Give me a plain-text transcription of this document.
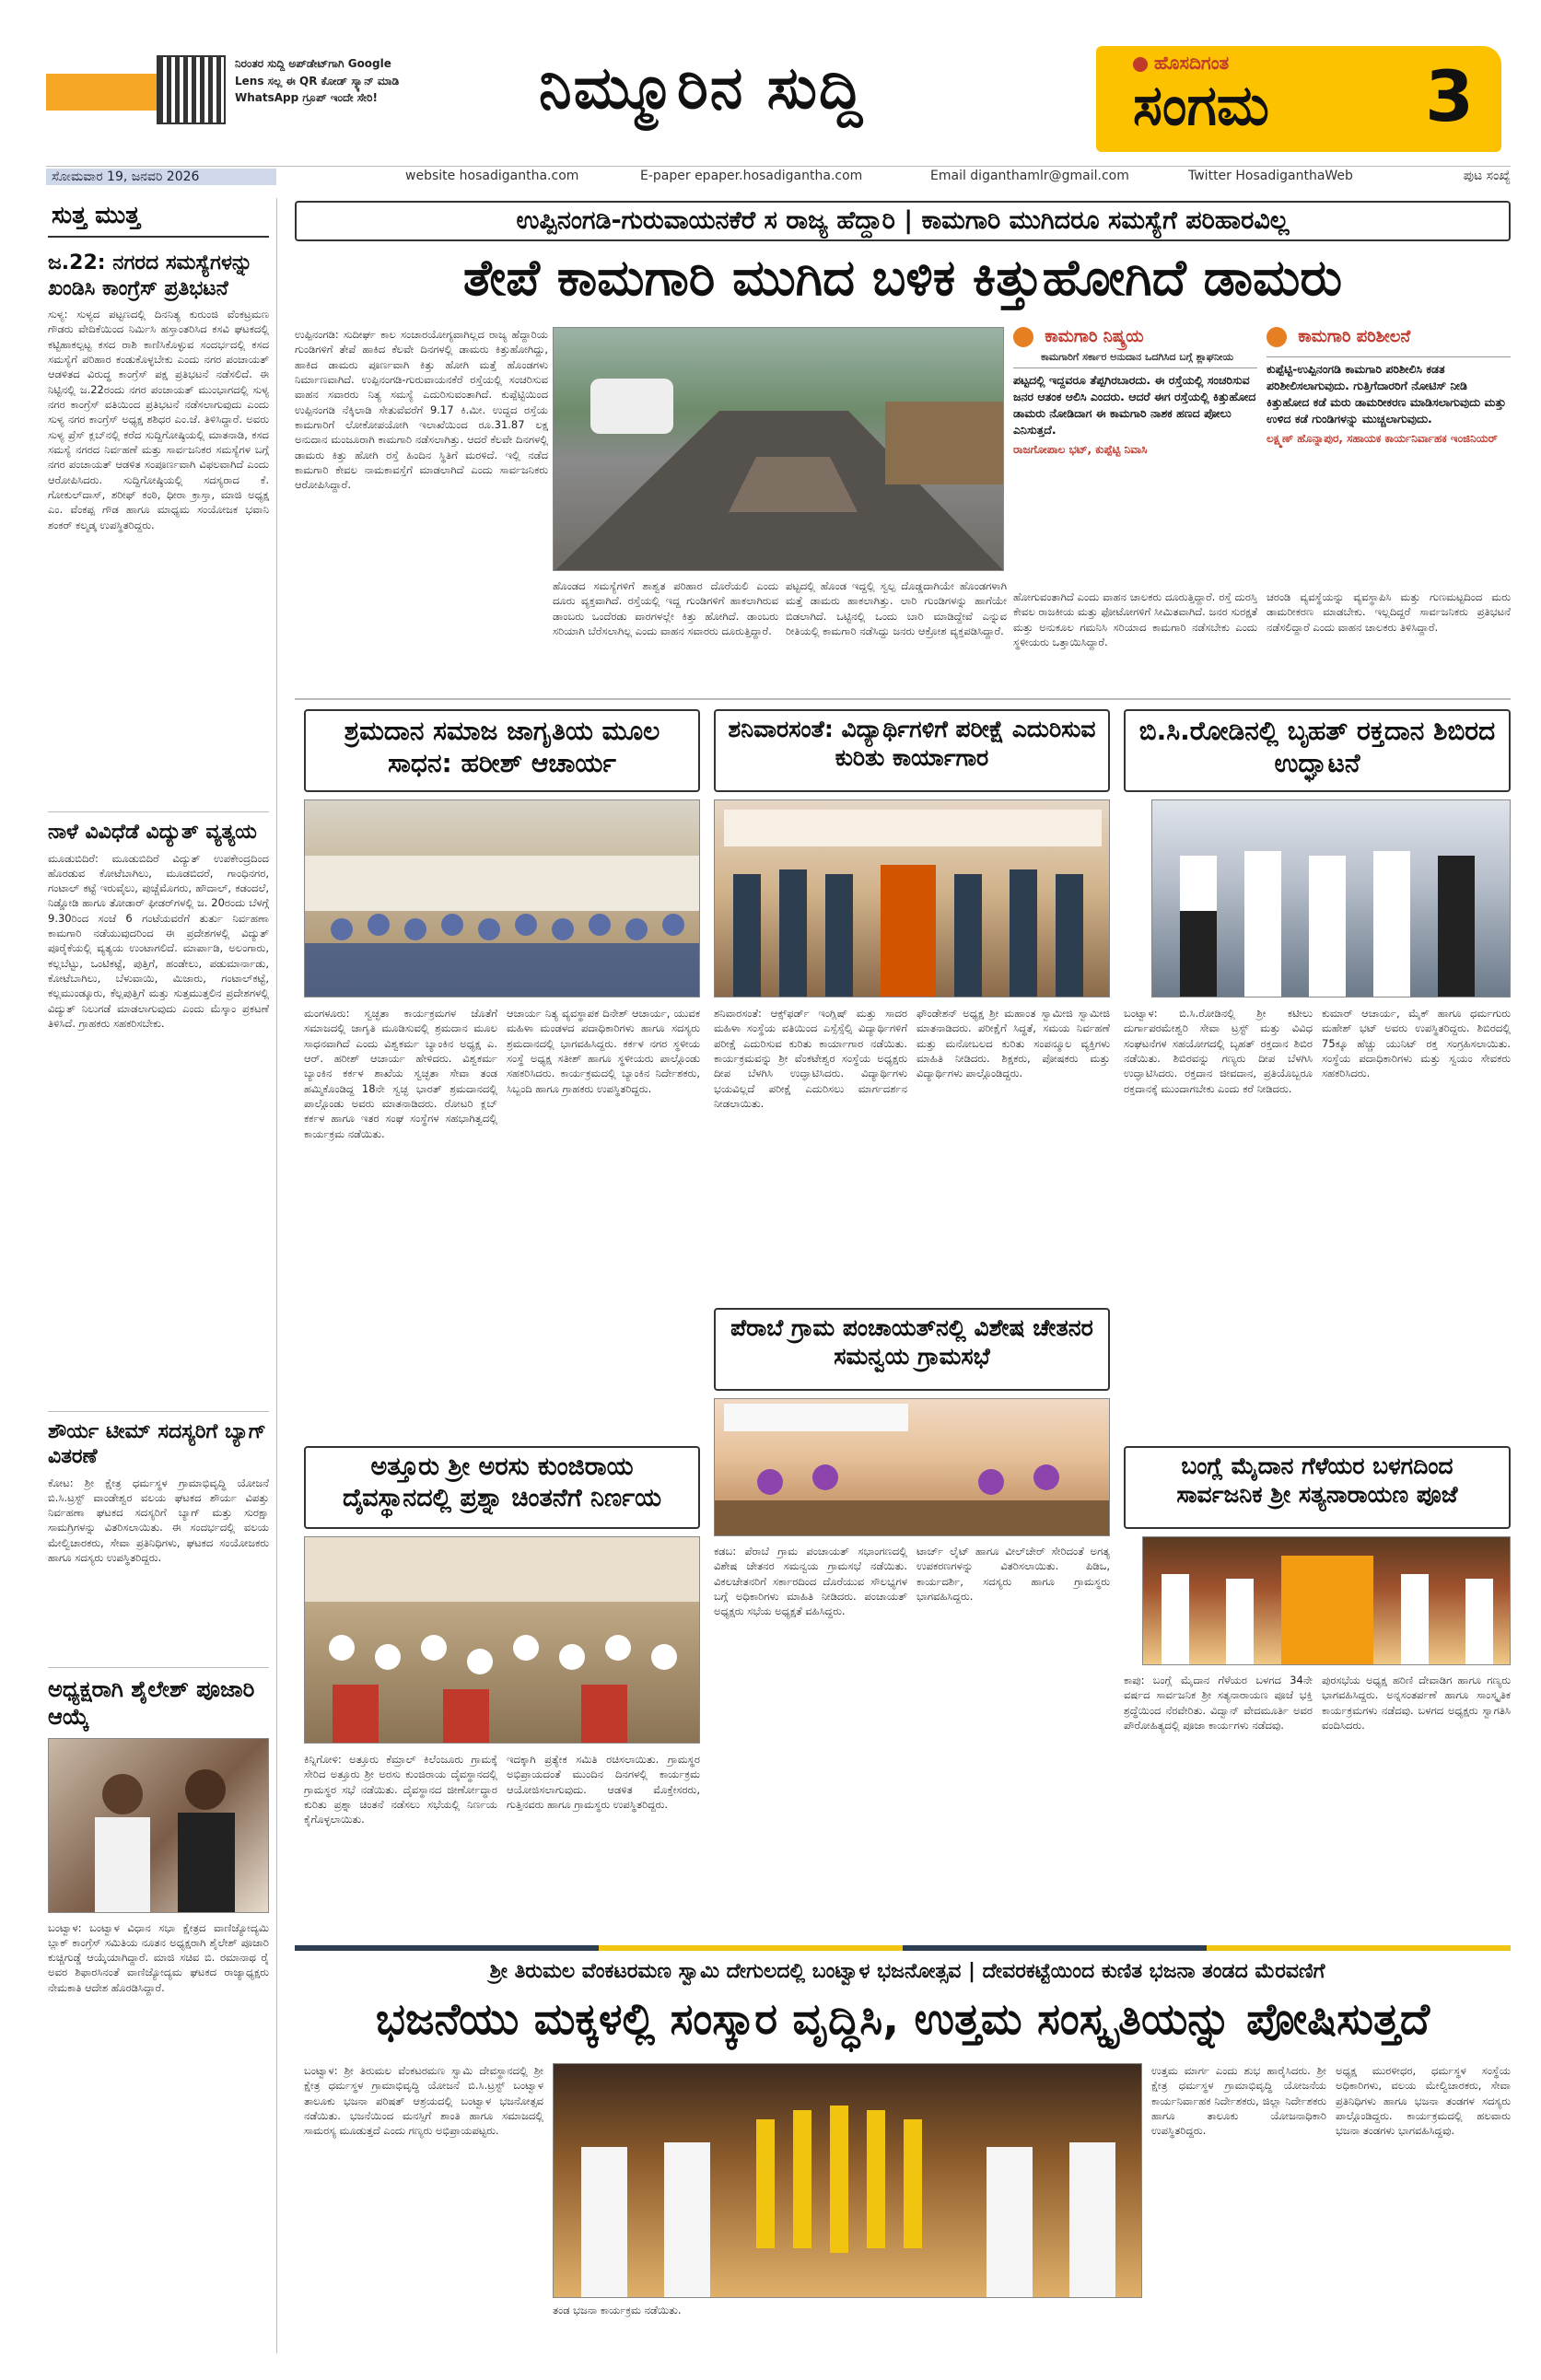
ನಿರಂತರ ಸುದ್ದಿ ಅಪ್‌ಡೇಟ್‌ಗಾಗಿ Google Lens ಸಲ್ಲ ಈ QR ಕೋಡ್ ಸ್ಕ್ಯಾನ್ ಮಾಡಿ WhatsApp ಗ್ರೂಪ್ ಇಂದೇ ಸೇರಿ!	ನಿಮ್ಮೂರಿನ ಸುದ್ದಿ	ಹೊಸದಿಗಂತ
ಸಂಗಮ 3
ಸೋಮವಾರ 19, ಜನವರಿ 2026	website hosadigantha.com	E-paper epaper.hosadigantha.com	Email diganthamlr@gmail.com	Twitter HosadiganthaWeb	ಪುಟ ಸಂಖ್ಯೆ
ಸುತ್ತ ಮುತ್ತ
ಜ.22: ನಗರದ ಸಮಸ್ಯೆಗಳನ್ನು ಖಂಡಿಸಿ ಕಾಂಗ್ರೆಸ್ ಪ್ರತಿಭಟನೆ
ಸುಳ್ಯ: ಸುಳ್ಯದ ಪಟ್ಟಣದಲ್ಲಿ ದಿನನಿತ್ಯ ಕುರುಂಜಿ ವೆಂಕಟ್ರಮಣ ಗೌಡರು ವೇದಿಕೆಯಿಂದ ನಿರ್ಮಿಸಿ ಹಸ್ತಾಂತರಿಸಿದ ಕಸವಿ ಘಟಕದಲ್ಲಿ ಕಟ್ಟಿಹಾಕಲ್ಪಟ್ಟ ಕಸದ ರಾಶಿ ಕಾಣಿಸಿಕೊಳ್ಳುವ ಸಂದರ್ಭದಲ್ಲಿ ಕಸದ ಸಮಸ್ಯೆಗೆ ಪರಿಹಾರ ಕಂಡುಕೊಳ್ಳಬೇಕು ಎಂದು ನಗರ ಪಂಚಾಯತ್ ಆಡಳಿತದ ವಿರುದ್ಧ ಕಾಂಗ್ರೆಸ್ ಪಕ್ಷ ಪ್ರತಿಭಟನೆ ನಡೆಸಲಿದೆ. ಈ ನಿಟ್ಟಿನಲ್ಲಿ ಜ.22ರಂದು ನಗರ ಪಂಚಾಯತ್ ಮುಂಭಾಗದಲ್ಲಿ ಸುಳ್ಯ ನಗರ ಕಾಂಗ್ರೆಸ್ ವತಿಯಿಂದ ಪ್ರತಿಭಟನೆ ನಡೆಸಲಾಗುವುದು ಎಂದು ಸುಳ್ಯ ನಗರ ಕಾಂಗ್ರೆಸ್ ಅಧ್ಯಕ್ಷ ಶಶಿಧರ ಎಂ.ಜೆ. ತಿಳಿಸಿದ್ದಾರೆ. ಅವರು ಸುಳ್ಯ ಪ್ರೆಸ್ ಕ್ಲಬ್‌ನಲ್ಲಿ ಕರೆದ ಸುದ್ದಿಗೋಷ್ಠಿಯಲ್ಲಿ ಮಾತನಾಡಿ, ಕಸದ ಸಮಸ್ಯೆ ನಗರದ ನಿರ್ವಹಣೆ ಮತ್ತು ಸಾರ್ವಜನಿಕರ ಸಮಸ್ಯೆಗಳ ಬಗ್ಗೆ ನಗರ ಪಂಚಾಯತ್ ಆಡಳಿತ ಸಂಪೂರ್ಣವಾಗಿ ವಿಫಲವಾಗಿದೆ ಎಂದು ಆರೋಪಿಸಿದರು. ಸುದ್ದಿಗೋಷ್ಠಿಯಲ್ಲಿ ಸದಸ್ಯರಾದ ಕೆ. ಗೋಕುಲ್‌ದಾಸ್, ಶರೀಫ್ ಕಂಠಿ, ಧೀರಾ ಕ್ರಾಸ್ತಾ, ಮಾಜಿ ಅಧ್ಯಕ್ಷ ಎಂ. ವೆಂಕಪ್ಪ ಗೌಡ ಹಾಗೂ ಮಾಧ್ಯಮ ಸಂಯೋಜಕ ಭವಾನಿ ಶಂಕರ್ ಕಲ್ಮಡ್ಕ ಉಪಸ್ಥಿತರಿದ್ದರು.
ನಾಳೆ ವಿವಿಧೆಡೆ ವಿದ್ಯುತ್ ವ್ಯತ್ಯಯ
ಮೂಡುಬಿದಿರೆ: ಮೂಡುಬಿದಿರೆ ವಿದ್ಯುತ್ ಉಪಕೇಂದ್ರದಿಂದ ಹೊರಡುವ ಕೋಟೆಬಾಗಿಲು, ಮೂಡಬಿದರೆ, ಗಾಂಧಿನಗರ, ಗಂಟಾಲ್ ಕಟ್ಟೆ ಇರುವೈಲು, ಪುಚ್ಚೆಮೊಗರು, ಹೌದಾಲ್, ಕಡಂದಲೆ, ನಿಡ್ಡೋಡಿ ಹಾಗೂ ತೋಡಾರ್ ಫೀಡರ್‌ಗಳಲ್ಲಿ ಜ. 20ರಂದು ಬೆಳಗ್ಗೆ 9.30ರಿಂದ ಸಂಜೆ 6 ಗಂಟೆಯವರೆಗೆ ತುರ್ತು ನಿರ್ವಹಣಾ ಕಾಮಗಾರಿ ನಡೆಯುವುದರಿಂದ ಈ ಪ್ರದೇಶಗಳಲ್ಲಿ ವಿದ್ಯುತ್ ಪೂರೈಕೆಯಲ್ಲಿ ವ್ಯತ್ಯಯ ಉಂಟಾಗಲಿದೆ. ಮಾರ್ಪಾಡಿ, ಅಲಂಗಾರು, ಕಲ್ಲಬೆಟ್ಟು, ಒಂಟಿಕಟ್ಟೆ, ಪುತ್ತಿಗೆ, ಹಂಡೇಲು, ಪಡುಮಾರ್ನಾಡು, ಕೋಟೆಬಾಗಿಲು, ಬೆಳುವಾಯಿ, ಮಿಜಾರು, ಗಂಟಾಲ್‌ಕಟ್ಟೆ, ಕಲ್ಲಮುಂಡ್ಕೂರು, ಕೆಲ್ಲಪುತ್ತಿಗೆ ಮತ್ತು ಸುತ್ತಮುತ್ತಲಿನ ಪ್ರದೇಶಗಳಲ್ಲಿ ವಿದ್ಯುತ್ ನಿಲುಗಡೆ ಮಾಡಲಾಗುವುದು ಎಂದು ಮೆಸ್ಕಾಂ ಪ್ರಕಟಣೆ ತಿಳಿಸಿದೆ. ಗ್ರಾಹಕರು ಸಹಕರಿಸಬೇಕು.
ಶೌರ್ಯ ಟೀಮ್ ಸದಸ್ಯರಿಗೆ ಬ್ಯಾಗ್ ವಿತರಣೆ
ಕೋಟ: ಶ್ರೀ ಕ್ಷೇತ್ರ ಧರ್ಮಸ್ಥಳ ಗ್ರಾಮಾಭಿವೃದ್ಧಿ ಯೋಜನೆ ಬಿ.ಸಿ.ಟ್ರಸ್ಟ್ ವಾಂಡೇಶ್ವರ ವಲಯ ಘಟಕದ ಶೌರ್ಯ ವಿಪತ್ತು ನಿರ್ವಹಣಾ ಘಟಕದ ಸದಸ್ಯರಿಗೆ ಬ್ಯಾಗ್ ಮತ್ತು ಸುರಕ್ಷಾ ಸಾಮಗ್ರಿಗಳನ್ನು ವಿತರಿಸಲಾಯಿತು. ಈ ಸಂದರ್ಭದಲ್ಲಿ ವಲಯ ಮೇಲ್ವಿಚಾರಕರು, ಸೇವಾ ಪ್ರತಿನಿಧಿಗಳು, ಘಟಕದ ಸಂಯೋಜಕರು ಹಾಗೂ ಸದಸ್ಯರು ಉಪಸ್ಥಿತರಿದ್ದರು.
ಅಧ್ಯಕ್ಷರಾಗಿ ಶೈಲೇಶ್ ಪೂಜಾರಿ ಆಯ್ಕೆ
ಬಂಟ್ವಾಳ: ಬಂಟ್ವಾಳ ವಿಧಾನ ಸಭಾ ಕ್ಷೇತ್ರದ ವಾಣಿಜ್ಯೋದ್ಯಮಿ ಬ್ಲಾಕ್ ಕಾಂಗ್ರೆಸ್ ಸಮಿತಿಯ ನೂತನ ಅಧ್ಯಕ್ಷರಾಗಿ ಶೈಲೇಶ್ ಪೂಜಾರಿ ಕುಚ್ಚಿಗುಡ್ಡೆ ಆಯ್ಕೆಯಾಗಿದ್ದಾರೆ. ಮಾಜಿ ಸಚಿವ ಬಿ. ರಮಾನಾಥ ರೈ ಅವರ ಶಿಫಾರಸಿನಂತೆ ವಾಣಿಜ್ಯೋದ್ಯಮ ಘಟಕದ ರಾಜ್ಯಾಧ್ಯಕ್ಷರು ನೇಮಕಾತಿ ಆದೇಶ ಹೊರಡಿಸಿದ್ದಾರೆ.
ಉಪ್ಪಿನಂಗಡಿ-ಗುರುವಾಯನಕೆರೆ ಸ ರಾಜ್ಯ ಹೆದ್ದಾರಿ | ಕಾಮಗಾರಿ ಮುಗಿದರೂ ಸಮಸ್ಯೆಗೆ ಪರಿಹಾರವಿಲ್ಲ
ತೇಪೆ ಕಾಮಗಾರಿ ಮುಗಿದ ಬಳಿಕ ಕಿತ್ತುಹೋಗಿದೆ ಡಾಮರು
ಉಪ್ಪಿನಂಗಡಿ: ಸುದೀರ್ಘ ಕಾಲ ಸಂಚಾರಯೋಗ್ಯವಾಗಿಲ್ಲದ ರಾಜ್ಯ ಹೆದ್ದಾರಿಯ ಗುಂಡಿಗಳಿಗೆ ತೇಪೆ ಹಾಕಿದ ಕೆಲವೇ ದಿನಗಳಲ್ಲಿ ಡಾಮರು ಕಿತ್ತುಹೋಗಿದ್ದು, ಹಾಕಿದ ಡಾಮರು ಪೂರ್ಣವಾಗಿ ಕಿತ್ತು ಹೋಗಿ ಮತ್ತೆ ಹೊಂಡಗಳು ನಿರ್ಮಾಣವಾಗಿದೆ. ಉಪ್ಪಿನಂಗಡಿ-ಗುರುವಾಯನಕೆರೆ ರಸ್ತೆಯಲ್ಲಿ ಸಂಚರಿಸುವ ವಾಹನ ಸವಾರರು ನಿತ್ಯ ಸಮಸ್ಯೆ ಎದುರಿಸುವಂತಾಗಿದೆ. ಕುಪ್ಪೆಟ್ಟಿಯಿಂದ ಉಪ್ಪಿನಂಗಡಿ ನೆಕ್ಕಿಲಾಡಿ ಸೇತುವೆವರೆಗೆ 9.17 ಕಿ.ಮೀ. ಉದ್ದದ ರಸ್ತೆಯ ಕಾಮಗಾರಿಗೆ ಲೋಕೋಪಯೋಗಿ ಇಲಾಖೆಯಿಂದ ರೂ.31.87 ಲಕ್ಷ ಅನುದಾನ ಮಂಜೂರಾಗಿ ಕಾಮಗಾರಿ ನಡೆಸಲಾಗಿತ್ತು. ಆದರೆ ಕೆಲವೇ ದಿನಗಳಲ್ಲಿ ಡಾಮರು ಕಿತ್ತು ಹೋಗಿ ರಸ್ತೆ ಹಿಂದಿನ ಸ್ಥಿತಿಗೆ ಮರಳಿದೆ. ಇಲ್ಲಿ ನಡೆದ ಕಾಮಗಾರಿ ಕೇವಲ ನಾಮಕಾವಸ್ತೆಗೆ ಮಾಡಲಾಗಿದೆ ಎಂದು ಸಾರ್ವಜನಿಕರು ಆರೋಪಿಸಿದ್ದಾರೆ.
ಹೊಂಡದ ಸಮಸ್ಯೆಗಳಿಗೆ ಶಾಶ್ವತ ಪರಿಹಾರ ದೊರೆಯಲಿ ಎಂದು ದೂರು ವ್ಯಕ್ತವಾಗಿದೆ. ರಸ್ತೆಯಲ್ಲಿ ಇದ್ದ ಗುಂಡಿಗಳಿಗೆ ಹಾಕಲಾಗಿರುವ ಡಾಂಬರು ಒಂದೆರಡು ವಾರಗಳಲ್ಲೇ ಕಿತ್ತು ಹೋಗಿದೆ. ಡಾಂಬರು ಸರಿಯಾಗಿ ಬೆರೆಸಲಾಗಿಲ್ಲ ಎಂದು ವಾಹನ ಸವಾರರು ದೂರುತ್ತಿದ್ದಾರೆ.
ಪಟ್ಟದಲ್ಲಿ ಹೊಂಡ ಇದ್ದಲ್ಲಿ ಸ್ವಲ್ಪ ದೊಡ್ಡದಾಗಿಯೇ ಹೊಂಡಗಳಾಗಿ ಮತ್ತೆ ಡಾಮರು ಹಾಕಲಾಗಿತ್ತು. ಲಾರಿ ಗುಂಡಿಗಳನ್ನು ಹಾಗೆಯೇ ಬಿಡಲಾಗಿದೆ. ಒಟ್ಟಿನಲ್ಲಿ ಒಂದು ಬಾರಿ ಮಾಡಿದ್ದೇವೆ ಎನ್ನುವ ರೀತಿಯಲ್ಲಿ ಕಾಮಗಾರಿ ನಡೆಸಿದ್ದು ಜನರು ಆಕ್ರೋಶ ವ್ಯಕ್ತಪಡಿಸಿದ್ದಾರೆ.
ಕಾಮಗಾರಿ ನಿಷ್ಕ್ರಯ
ಕಾಮಗಾರಿಗೆ ಸರ್ಕಾರ ಅನುದಾನ ಒದಗಿಸಿದ ಬಗ್ಗೆ ಶ್ಲಾಘನೀಯ
ಪಟ್ಟದಲ್ಲಿ ಇದ್ದವರೂ ತೆಪ್ಪಗಿರಬಾರದು. ಈ ರಸ್ತೆಯಲ್ಲಿ ಸಂಚರಿಸುವ ಜನರ ಆತಂಕ ಆಲಿಸಿ ಎಂದರು. ಆದರೆ ಈಗ ರಸ್ತೆಯಲ್ಲಿ ಕಿತ್ತುಹೋದ ಡಾಮರು ನೋಡಿದಾಗ ಈ ಕಾಮಗಾರಿ ನಾಶಕ ಹಣದ ಪೋಲು ಎನಿಸುತ್ತದೆ.
ರಾಜಗೋಪಾಲ ಭಟ್, ಕುಪ್ಪೆಟ್ಟಿ ನಿವಾಸಿ
ಕಾಮಗಾರಿ ಪರಿಶೀಲನೆ
ಕುಪ್ಪೆಟ್ಟಿ-ಉಪ್ಪಿನಂಗಡಿ ಕಾಮಗಾರಿ ಪರಿಶೀಲಿಸಿ ಕಡತ ಪರಿಶೀಲಿಸಲಾಗುವುದು. ಗುತ್ತಿಗೆದಾರರಿಗೆ ನೋಟಿಸ್ ನೀಡಿ ಕಿತ್ತುಹೋದ ಕಡೆ ಮರು ಡಾಮರೀಕರಣ ಮಾಡಿಸಲಾಗುವುದು ಮತ್ತು ಉಳಿದ ಕಡೆ ಗುಂಡಿಗಳನ್ನು ಮುಚ್ಚಲಾಗುವುದು.
ಲಕ್ಷ್ಮಣ್ ಹೊನ್ನಾಪುರ, ಸಹಾಯಕ ಕಾರ್ಯನಿರ್ವಾಹಕ ಇಂಜಿನಿಯರ್
ಹೋಗುವಂತಾಗಿದೆ ಎಂದು ವಾಹನ ಚಾಲಕರು ದೂರುತ್ತಿದ್ದಾರೆ. ರಸ್ತೆ ದುರಸ್ತಿ ಕೇವಲ ರಾಜಕೀಯ ಮತ್ತು ಫೋಟೋಗಳಿಗೆ ಸೀಮಿತವಾಗಿದೆ. ಜನರ ಸುರಕ್ಷತೆ ಮತ್ತು ಅನುಕೂಲ ಗಮನಿಸಿ ಸರಿಯಾದ ಕಾಮಗಾರಿ ನಡೆಸಬೇಕು ಎಂದು ಸ್ಥಳೀಯರು ಒತ್ತಾಯಿಸಿದ್ದಾರೆ.
ಚರಂಡಿ ವ್ಯವಸ್ಥೆಯನ್ನು ವ್ಯವಸ್ಥಾಪಿಸಿ ಮತ್ತು ಗುಣಮಟ್ಟದಿಂದ ಮರು ಡಾಮರೀಕರಣ ಮಾಡಬೇಕು. ಇಲ್ಲದಿದ್ದರೆ ಸಾರ್ವಜನಿಕರು ಪ್ರತಿಭಟನೆ ನಡೆಸಲಿದ್ದಾರೆ ಎಂದು ವಾಹನ ಚಾಲಕರು ತಿಳಿಸಿದ್ದಾರೆ.
ಶ್ರಮದಾನ ಸಮಾಜ ಜಾಗೃತಿಯ ಮೂಲ ಸಾಧನ: ಹರೀಶ್ ಆಚಾರ್ಯ
ಮಂಗಳೂರು: ಸ್ವಚ್ಛತಾ ಕಾರ್ಯಕ್ರಮಗಳ ಜೊತೆಗೆ ಸಮಾಜದಲ್ಲಿ ಜಾಗೃತಿ ಮೂಡಿಸುವಲ್ಲಿ ಶ್ರಮದಾನ ಮೂಲ ಸಾಧನವಾಗಿದೆ ಎಂದು ವಿಶ್ವಕರ್ಮ ಬ್ಯಾಂಕಿನ ಅಧ್ಯಕ್ಷ ಎ. ಆರ್. ಹರೀಶ್ ಆಚಾರ್ಯ ಹೇಳಿದರು. ವಿಶ್ವಕರ್ಮ ಬ್ಯಾಂಕಿನ ಕರ್ಕಳ ಶಾಖೆಯ ಸ್ವಚ್ಛತಾ ಸೇವಾ ತಂಡ ಹಮ್ಮಿಕೊಂಡಿದ್ದ 18ನೇ ಸ್ವಚ್ಛ ಭಾರತ್ ಶ್ರಮದಾನದಲ್ಲಿ ಪಾಲ್ಗೊಂಡು ಅವರು ಮಾತನಾಡಿದರು. ರೋಟರಿ ಕ್ಲಬ್ ಕರ್ಕಳ ಹಾಗೂ ಇತರ ಸಂಘ ಸಂಸ್ಥೆಗಳ ಸಹಭಾಗಿತ್ವದಲ್ಲಿ ಕಾರ್ಯಕ್ರಮ ನಡೆಯಿತು.
ಆಚಾರ್ಯ ನಿತ್ಯ ವ್ಯವಸ್ಥಾಪಕ ದಿನೇಶ್ ಆಚಾರ್ಯ, ಯುವಕ ಮಹಿಳಾ ಮಂಡಳದ ಪದಾಧಿಕಾರಿಗಳು ಹಾಗೂ ಸದಸ್ಯರು ಶ್ರಮದಾನದಲ್ಲಿ ಭಾಗವಹಿಸಿದ್ದರು. ಕರ್ಕಳ ನಗರ ಸ್ಥಳೀಯ ಸಂಸ್ಥೆ ಅಧ್ಯಕ್ಷ ಸತೀಶ್ ಹಾಗೂ ಸ್ಥಳೀಯರು ಪಾಲ್ಗೊಂಡು ಸಹಕರಿಸಿದರು. ಕಾರ್ಯಕ್ರಮದಲ್ಲಿ ಬ್ಯಾಂಕಿನ ನಿರ್ದೇಶಕರು, ಸಿಬ್ಬಂದಿ ಹಾಗೂ ಗ್ರಾಹಕರು ಉಪಸ್ಥಿತರಿದ್ದರು.
ಶನಿವಾರಸಂತೆ: ವಿದ್ಯಾರ್ಥಿಗಳಿಗೆ ಪರೀಕ್ಷೆ ಎದುರಿಸುವ ಕುರಿತು ಕಾರ್ಯಾಗಾರ
ಶನಿವಾರಸಂತೆ: ಆಕ್ಸ್‌ಫರ್ಡ್ ಇಂಗ್ಲಿಷ್ ಮತ್ತು ಸಾದರ ಮಹಿಳಾ ಸಂಸ್ಥೆಯ ವತಿಯಿಂದ ಎಸ್ಸೆಸ್ಸೆಲ್ಸಿ ವಿದ್ಯಾರ್ಥಿಗಳಿಗೆ ಪರೀಕ್ಷೆ ಎದುರಿಸುವ ಕುರಿತು ಕಾರ್ಯಾಗಾರ ನಡೆಯಿತು. ಕಾರ್ಯಕ್ರಮವನ್ನು ಶ್ರೀ ವೆಂಕಟೇಶ್ವರ ಸಂಸ್ಥೆಯ ಅಧ್ಯಕ್ಷರು ದೀಪ ಬೆಳಗಿಸಿ ಉದ್ಘಾಟಿಸಿದರು. ವಿದ್ಯಾರ್ಥಿಗಳು ಭಯವಿಲ್ಲದೆ ಪರೀಕ್ಷೆ ಎದುರಿಸಲು ಮಾರ್ಗದರ್ಶನ ನೀಡಲಾಯಿತು.
ಫೌಂಡೇಶನ್ ಅಧ್ಯಕ್ಷ ಶ್ರೀ ಮಹಾಂತ ಸ್ವಾಮೀಜಿ ಸ್ವಾಮೀಜಿ ಮಾತನಾಡಿದರು. ಪರೀಕ್ಷೆಗೆ ಸಿದ್ಧತೆ, ಸಮಯ ನಿರ್ವಹಣೆ ಮತ್ತು ಮನೋಬಲದ ಕುರಿತು ಸಂಪನ್ಮೂಲ ವ್ಯಕ್ತಿಗಳು ಮಾಹಿತಿ ನೀಡಿದರು. ಶಿಕ್ಷಕರು, ಪೋಷಕರು ಮತ್ತು ವಿದ್ಯಾರ್ಥಿಗಳು ಪಾಲ್ಗೊಂಡಿದ್ದರು.
ಬಿ.ಸಿ.ರೋಡಿನಲ್ಲಿ ಬೃಹತ್ ರಕ್ತದಾನ ಶಿಬಿರದ ಉದ್ಘಾಟನೆ
ಬಂಟ್ವಾಳ: ಬಿ.ಸಿ.ರೋಡಿನಲ್ಲಿ ಶ್ರೀ ಕಟೀಲು ದುರ್ಗಾಪರಮೇಶ್ವರಿ ಸೇವಾ ಟ್ರಸ್ಟ್ ಮತ್ತು ವಿವಿಧ ಸಂಘಟನೆಗಳ ಸಹಯೋಗದಲ್ಲಿ ಬೃಹತ್ ರಕ್ತದಾನ ಶಿಬಿರ ನಡೆಯಿತು. ಶಿಬಿರವನ್ನು ಗಣ್ಯರು ದೀಪ ಬೆಳಗಿಸಿ ಉದ್ಘಾಟಿಸಿದರು. ರಕ್ತದಾನ ಜೀವದಾನ, ಪ್ರತಿಯೊಬ್ಬರೂ ರಕ್ತದಾನಕ್ಕೆ ಮುಂದಾಗಬೇಕು ಎಂದು ಕರೆ ನೀಡಿದರು.
ಕುಮಾರ್ ಆಚಾರ್ಯ, ಮೈಕ್ ಹಾಗೂ ಧರ್ಮಗುರು ಮಹೇಶ್ ಭಟ್ ಅವರು ಉಪಸ್ಥಿತರಿದ್ದರು. ಶಿಬಿರದಲ್ಲಿ 75ಕ್ಕೂ ಹೆಚ್ಚು ಯುನಿಟ್ ರಕ್ತ ಸಂಗ್ರಹಿಸಲಾಯಿತು. ಸಂಸ್ಥೆಯ ಪದಾಧಿಕಾರಿಗಳು ಮತ್ತು ಸ್ವಯಂ ಸೇವಕರು ಸಹಕರಿಸಿದರು.
ಪೆರಾಬೆ ಗ್ರಾಮ ಪಂಚಾಯತ್‌ನಲ್ಲಿ ವಿಶೇಷ ಚೇತನರ ಸಮನ್ವಯ ಗ್ರಾಮಸಭೆ
ಕಡಬ: ಪೆರಾಬೆ ಗ್ರಾಮ ಪಂಚಾಯತ್ ಸಭಾಂಗಣದಲ್ಲಿ ವಿಶೇಷ ಚೇತನರ ಸಮನ್ವಯ ಗ್ರಾಮಸಭೆ ನಡೆಯಿತು. ವಿಕಲಚೇತನರಿಗೆ ಸರ್ಕಾರದಿಂದ ದೊರೆಯುವ ಸೌಲಭ್ಯಗಳ ಬಗ್ಗೆ ಅಧಿಕಾರಿಗಳು ಮಾಹಿತಿ ನೀಡಿದರು. ಪಂಚಾಯತ್ ಅಧ್ಯಕ್ಷರು ಸಭೆಯ ಅಧ್ಯಕ್ಷತೆ ವಹಿಸಿದ್ದರು.
ಟಾರ್ಚ್ ಲೈಟ್ ಹಾಗೂ ವೀಲ್‌ಚೇರ್ ಸೇರಿದಂತೆ ಅಗತ್ಯ ಉಪಕರಣಗಳನ್ನು ವಿತರಿಸಲಾಯಿತು. ಪಿಡಿಒ, ಕಾರ್ಯದರ್ಶಿ, ಸದಸ್ಯರು ಹಾಗೂ ಗ್ರಾಮಸ್ಥರು ಭಾಗವಹಿಸಿದ್ದರು.
ಅತ್ತೂರು ಶ್ರೀ ಅರಸು ಕುಂಜಿರಾಯ ದೈವಸ್ಥಾನದಲ್ಲಿ ಪ್ರಶ್ನಾ ಚಿಂತನೆಗೆ ನಿರ್ಣಯ
ಕಿನ್ನಿಗೋಳಿ: ಅತ್ತೂರು ಕೆಮ್ರಾಲ್ ಕಿಲೆಂಜೂರು ಗ್ರಾಮಕ್ಕೆ ಸೇರಿದ ಅತ್ತೂರು ಶ್ರೀ ಅರಸು ಕುಂಜಿರಾಯ ದೈವಸ್ಥಾನದಲ್ಲಿ ಗ್ರಾಮಸ್ಥರ ಸಭೆ ನಡೆಯಿತು. ದೈವಸ್ಥಾನದ ಜೀರ್ಣೋದ್ಧಾರ ಕುರಿತು ಪ್ರಶ್ನಾ ಚಿಂತನೆ ನಡೆಸಲು ಸಭೆಯಲ್ಲಿ ನಿರ್ಣಯ ಕೈಗೊಳ್ಳಲಾಯಿತು.
ಇದಕ್ಕಾಗಿ ಪ್ರತ್ಯೇಕ ಸಮಿತಿ ರಚಿಸಲಾಯಿತು. ಗ್ರಾಮಸ್ಥರ ಅಭಿಪ್ರಾಯದಂತೆ ಮುಂದಿನ ದಿನಗಳಲ್ಲಿ ಕಾರ್ಯಕ್ರಮ ಆಯೋಜಿಸಲಾಗುವುದು. ಆಡಳಿತ ಮೊಕ್ತೇಸರರು, ಗುತ್ತಿನವರು ಹಾಗೂ ಗ್ರಾಮಸ್ಥರು ಉಪಸ್ಥಿತರಿದ್ದರು.
ಬಂಗ್ಲೆ ಮೈದಾನ ಗೆಳೆಯರ ಬಳಗದಿಂದ ಸಾರ್ವಜನಿಕ ಶ್ರೀ ಸತ್ಯನಾರಾಯಣ ಪೂಜೆ
ಕಾಪು: ಬಂಗ್ಲೆ ಮೈದಾನ ಗೆಳೆಯರ ಬಳಗದ 34ನೇ ವರ್ಷದ ಸಾರ್ವಜನಿಕ ಶ್ರೀ ಸತ್ಯನಾರಾಯಣ ಪೂಜೆ ಭಕ್ತಿ ಶ್ರದ್ಧೆಯಿಂದ ನೆರವೇರಿತು. ವಿದ್ವಾನ್ ವೇದಮೂರ್ತಿ ಅವರ ಪೌರೋಹಿತ್ಯದಲ್ಲಿ ಪೂಜಾ ಕಾರ್ಯಗಳು ನಡೆದವು.
ಪುರಸಭೆಯ ಅಧ್ಯಕ್ಷ ಹರಿಣಿ ದೇವಾಡಿಗ ಹಾಗೂ ಗಣ್ಯರು ಭಾಗವಹಿಸಿದ್ದರು. ಅನ್ನಸಂತರ್ಪಣೆ ಹಾಗೂ ಸಾಂಸ್ಕೃತಿಕ ಕಾರ್ಯಕ್ರಮಗಳು ನಡೆದವು. ಬಳಗದ ಅಧ್ಯಕ್ಷರು ಸ್ವಾಗತಿಸಿ ವಂದಿಸಿದರು.
ಶ್ರೀ ತಿರುಮಲ ವೆಂಕಟರಮಣ ಸ್ವಾಮಿ ದೇಗುಲದಲ್ಲಿ ಬಂಟ್ವಾಳ ಭಜನೋತ್ಸವ | ದೇವರಕಟ್ಟೆಯಿಂದ ಕುಣಿತ ಭಜನಾ ತಂಡದ ಮೆರವಣಿಗೆ
ಭಜನೆಯು ಮಕ್ಕಳಲ್ಲಿ ಸಂಸ್ಕಾರ ವೃದ್ಧಿಸಿ, ಉತ್ತಮ ಸಂಸ್ಕೃತಿಯನ್ನು ಪೋಷಿಸುತ್ತದೆ
ಬಂಟ್ವಾಳ: ಶ್ರೀ ತಿರುಮಲ ವೆಂಕಟರಮಣ ಸ್ವಾಮಿ ದೇವಸ್ಥಾನದಲ್ಲಿ ಶ್ರೀ ಕ್ಷೇತ್ರ ಧರ್ಮಸ್ಥಳ ಗ್ರಾಮಾಭಿವೃದ್ಧಿ ಯೋಜನೆ ಬಿ.ಸಿ.ಟ್ರಸ್ಟ್ ಬಂಟ್ವಾಳ ತಾಲೂಕು ಭಜನಾ ಪರಿಷತ್ ಆಶ್ರಯದಲ್ಲಿ ಬಂಟ್ವಾಳ ಭಜನೋತ್ಸವ ನಡೆಯಿತು. ಭಜನೆಯಿಂದ ಮನಸ್ಸಿಗೆ ಶಾಂತಿ ಹಾಗೂ ಸಮಾಜದಲ್ಲಿ ಸಾಮರಸ್ಯ ಮೂಡುತ್ತದೆ ಎಂದು ಗಣ್ಯರು ಅಭಿಪ್ರಾಯಪಟ್ಟರು.
ತಂಡ ಭಜನಾ ಕಾರ್ಯಕ್ರಮ ನಡೆಯಿತು.
ಉತ್ತಮ ಮಾರ್ಗ ಎಂದು ಶುಭ ಹಾರೈಸಿದರು. ಶ್ರೀ ಕ್ಷೇತ್ರ ಧರ್ಮಸ್ಥಳ ಗ್ರಾಮಾಭಿವೃದ್ಧಿ ಯೋಜನೆಯ ಕಾರ್ಯನಿರ್ವಾಹಕ ನಿರ್ದೇಶಕರು, ಜಿಲ್ಲಾ ನಿರ್ದೇಶಕರು ಹಾಗೂ ತಾಲೂಕು ಯೋಜನಾಧಿಕಾರಿ ಉಪಸ್ಥಿತರಿದ್ದರು.
ಅಧ್ಯಕ್ಷ ಮುರಳೀಧರ, ಧರ್ಮಸ್ಥಳ ಸಂಸ್ಥೆಯ ಅಧಿಕಾರಿಗಳು, ವಲಯ ಮೇಲ್ವಿಚಾರಕರು, ಸೇವಾ ಪ್ರತಿನಿಧಿಗಳು ಹಾಗೂ ಭಜನಾ ತಂಡಗಳ ಸದಸ್ಯರು ಪಾಲ್ಗೊಂಡಿದ್ದರು. ಕಾರ್ಯಕ್ರಮದಲ್ಲಿ ಹಲವಾರು ಭಜನಾ ತಂಡಗಳು ಭಾಗವಹಿಸಿದ್ದವು.
